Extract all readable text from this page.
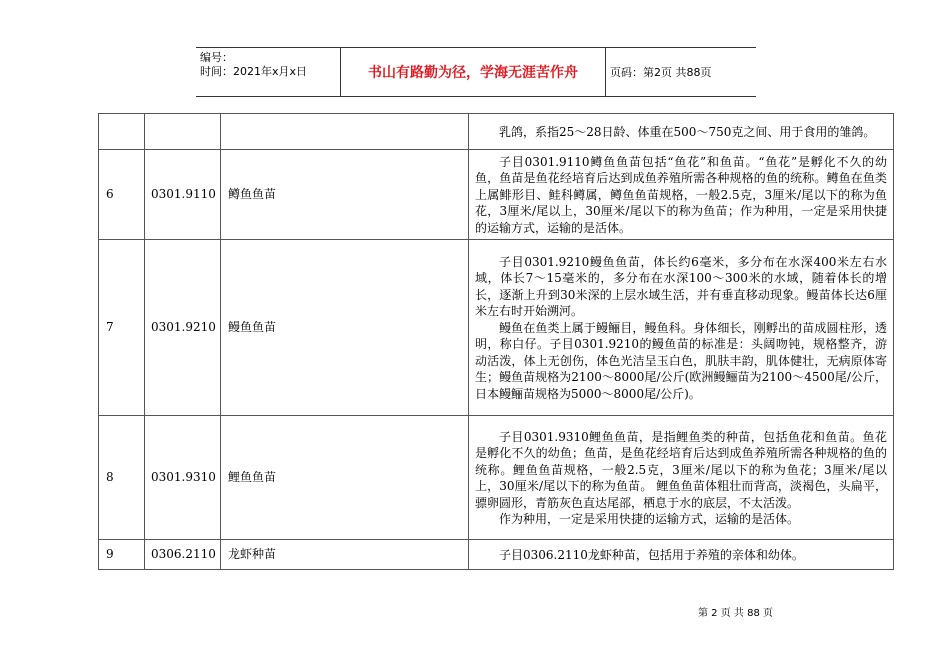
编号：
时间：2021年x月x日	书山有路勤为径，学海无涯苦作舟	页码：第2页 共88页

			乳鸽，系指25～28日龄、体重在500～750克之间、用于食用的雏鸽。

6	0301.9110	鳟鱼鱼苗	子目0301.9110鳟鱼鱼苗包括“鱼花”和鱼苗。“鱼花”是孵化不久的幼鱼，鱼苗是鱼花经培育后达到成鱼养殖所需各种规格的鱼的统称。鳟鱼在鱼类上属鲱形目、鲑科鳟属，鳟鱼鱼苗规格，一般2.5克，3厘米/尾以下的称为鱼花，3厘米/尾以上，30厘米/尾以下的称为鱼苗；作为种用，一定是采用快捷的运输方式，运输的是活体。

7	0301.9210	鳗鱼鱼苗	子目0301.9210鳗鱼鱼苗，体长约6毫米，多分布在水深400米左右水域，体长7～15毫米的，多分布在水深100～300米的水域，随着体长的增长，逐渐上升到30米深的上层水域生活，并有垂直移动现象。鳗苗体长达6厘米左右时开始溯河。

鳗鱼在鱼类上属于鳗鲡目，鳗鱼科。身体细长，刚孵出的苗成圆柱形，透明，称白仔。子目0301.9210的鳗鱼苗的标准是：头阔吻钝，规格整齐，游动活泼，体上无创伤，体色光洁呈玉白色，肌肤丰韵，肌体健壮，无病原体寄生；鳗鱼苗规格为2100～8000尾/公斤(欧洲鳗鲡苗为2100～4500尾/公斤，日本鳗鲡苗规格为5000～8000尾/公斤)。

8	0301.9310	鲤鱼鱼苗	子目0301.9310鲤鱼鱼苗，是指鲤鱼类的种苗，包括鱼花和鱼苗。鱼花是孵化不久的幼鱼；鱼苗，是鱼花经培育后达到成鱼养殖所需各种规格的鱼的统称。鲤鱼鱼苗规格，一般2.5克，3厘米/尾以下的称为鱼花；3厘米/尾以上，30厘米/尾以下的称为鱼苗。 鲤鱼鱼苗体粗壮而背高，淡褐色，头扁平，骠卵圆形，青筋灰色直达尾部，栖息于水的底层，不太活泼。

作为种用，一定是采用快捷的运输方式，运输的是活体。

9	0306.2110	龙虾种苗	子目0306.2110龙虾种苗，包括用于养殖的亲体和幼体。

第 2 页 共 88 页
